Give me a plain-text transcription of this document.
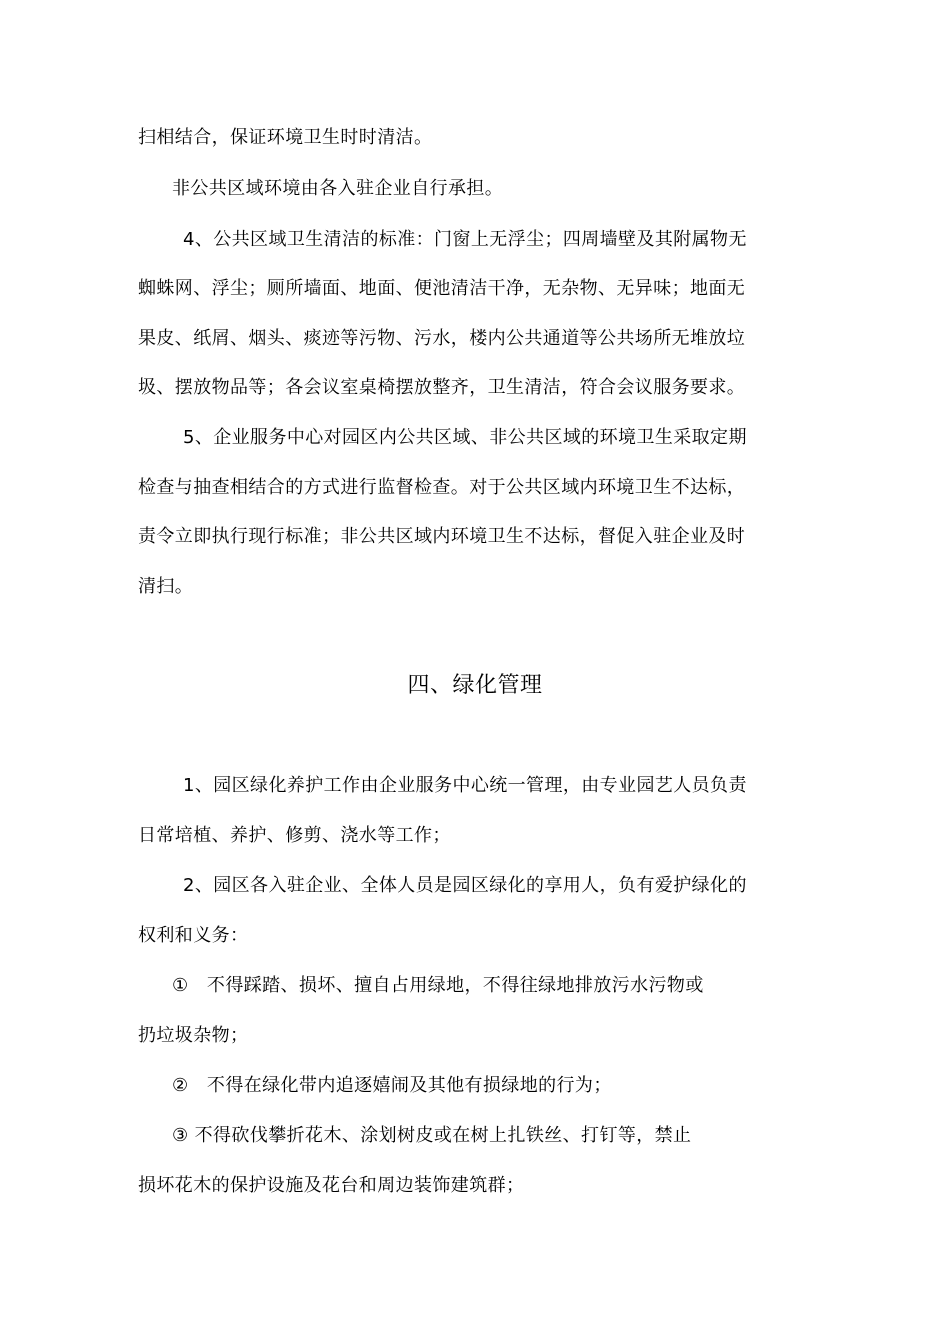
扫相结合，保证环境卫生时时清洁。
非公共区域环境由各入驻企业自行承担。
4、公共区域卫生清洁的标准：门窗上无浮尘；四周墙壁及其附属物无
蜘蛛网、浮尘；厕所墙面、地面、便池清洁干净，无杂物、无异味；地面无
果皮、纸屑、烟头、痰迹等污物、污水，楼内公共通道等公共场所无堆放垃
圾、摆放物品等；各会议室桌椅摆放整齐，卫生清洁，符合会议服务要求。
5、企业服务中心对园区内公共区域、非公共区域的环境卫生采取定期
检查与抽查相结合的方式进行监督检查。对于公共区域内环境卫生不达标，
责令立即执行现行标准；非公共区域内环境卫生不达标，督促入驻企业及时
清扫。
四、绿化管理
1、园区绿化养护工作由企业服务中心统一管理，由专业园艺人员负责
日常培植、养护、修剪、浇水等工作；
2、园区各入驻企业、全体人员是园区绿化的享用人，负有爱护绿化的
权利和义务：
①　不得踩踏、损坏、擅自占用绿地，不得往绿地排放污水污物或
扔垃圾杂物；
②　不得在绿化带内追逐嬉闹及其他有损绿地的行为；
③ 不得砍伐攀折花木、涂划树皮或在树上扎铁丝、打钉等，禁止
损坏花木的保护设施及花台和周边装饰建筑群；
